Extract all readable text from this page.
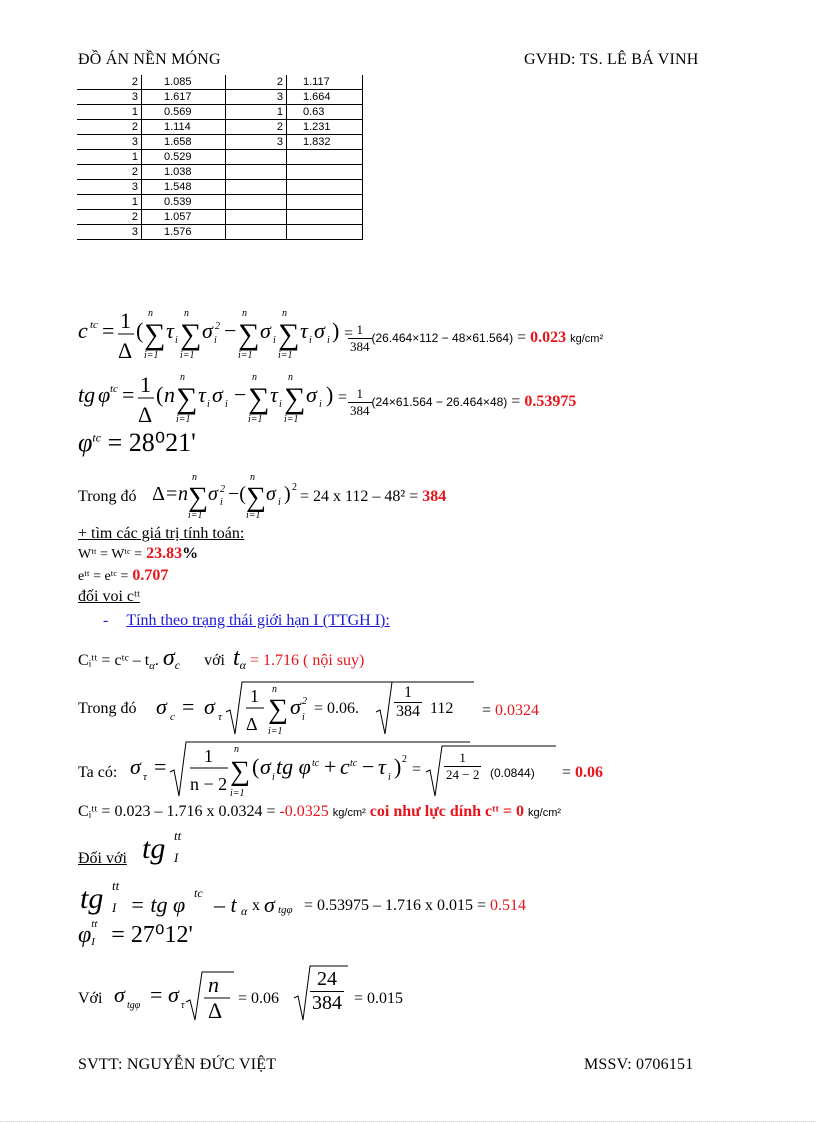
ĐỒ ÁN NỀN MÓNG	GVHD: TS. LÊ BÁ VINH
2	1.085	2	1.117
3	1.617	3	1.664
1	0.569	1	0.63
2	1.114	2	1.231
3	1.658	3	1.832
1	0.529		
2	1.038		
3	1.548		
1	0.539		
2	1.057		
3	1.576		
c tc = 1
Δ
( ∑
n
i=1
τ i ∑
n
i=1
σ 2
i − ∑
n
i=1
σ i ∑
n
i=1
τ i σ i ) =
$\frac{1}{384} (26.464\times 112 - 48\times 61.564) = 0.023$ kg/cm²
tg φ tc = 1
Δ
( n ∑
n
i=1
τ i σ i − ∑
n
i=1
τ i ∑
n
i=1
σ i ) = $\frac{1}{384} (24\times 61.564 - 26.464\times 48) = 0.53975$
$\varphi^{tc} = 28^021'$
Trong đó Δ = n ∑
n
i=1
σ 2
i −( ∑
n
i=1
σ i ) 2
= 24 x 112 – 48² = 384
+ tìm các giá trị tính toán:
Wᵗᵗ = Wᵗᶜ = 23.83%
eᵗᵗ = eᵗᶜ = 0.707
đối voi cᵗᵗ
- Tính theo trạng thái giới hạn I (TTGH I):
Cᵢᵗᵗ = cᵗᶜ – $t_\alpha$. $\sigma_c$ với $t_\alpha = 1.716$ ( nội suy)
Trong đó σ c = σ τ
1
Δ ∑
n
i=1
σ 2
i
= 0.06. $\frac{1}{384} 112 = 0.0324$
Ta có: σ τ = 1
n − 2 ∑
n
i=1
( σ i tg φ tc + c tc − τ i ) 2
= $\frac{1}{24 - 2} (0.0844) = 0.06$
Cᵢᵗᵗ = 0.023 – 1.716 x 0.0324 = -0.0325 kg/cm² coi như lực dính cᵗᵗ = 0 kg/cm²
Đối với tg tt
I
tg tt
I = tg φ tc – t α x σ tgφ = 0.53975 – 1.716 x 0.015 = 0.514
φ tt
I = 27⁰12'
Với σ tgφ = σ τ
n
$\Delta = 0.06 \frac{24}{384} = 0.015$
SVTT: NGUYỄN ĐỨC VIỆT	MSSV: 0706151
